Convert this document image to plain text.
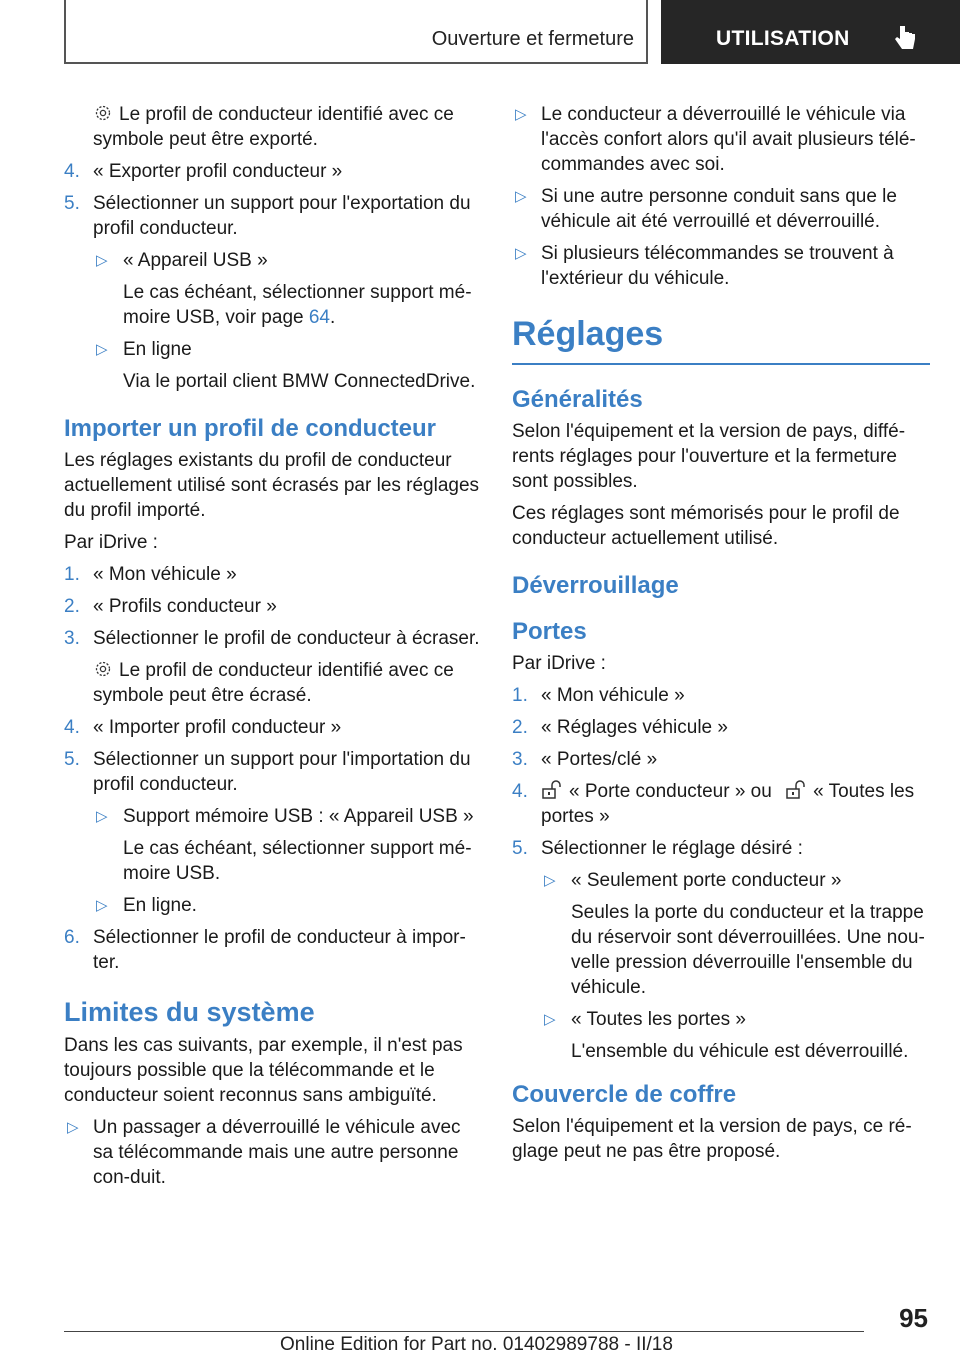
Ouverture et fermeture	UTILISATION

Le profil de conducteur identifié avec ce symbole peut être exporté.

4. « Exporter profil conducteur »
5. Sélectionner un support pour l'exportation du profil conducteur.
▷ « Appareil USB »
Le cas échéant, sélectionner support mé-moire USB, voir page 64.
▷ En ligne
Via le portail client BMW ConnectedDrive.
Importer un profil de conducteur

Les réglages existants du profil de conducteur actuellement utilisé sont écrasés par les réglages du profil importé.

Par iDrive :

1. « Mon véhicule »
2. « Profils conducteur »
3. Sélectionner le profil de conducteur à écraser.

Le profil de conducteur identifié avec ce symbole peut être écrasé.

4. « Importer profil conducteur »
5. Sélectionner un support pour l'importation du profil conducteur.
▷ Support mémoire USB : « Appareil USB »
Le cas échéant, sélectionner support mé-moire USB.
▷ En ligne.
6. Sélectionner le profil de conducteur à impor-ter.
Limites du système

Dans les cas suivants, par exemple, il n'est pas toujours possible que la télécommande et le conducteur soient reconnus sans ambiguïté.

▷ Un passager a déverrouillé le véhicule avec sa télécommande mais une autre personne con-duit.
▷ Le conducteur a déverrouillé le véhicule via l'accès confort alors qu'il avait plusieurs télé-commandes avec soi.
▷ Si une autre personne conduit sans que le véhicule ait été verrouillé et déverrouillé.
▷ Si plusieurs télécommandes se trouvent à l'extérieur du véhicule.
Réglages
Généralités

Selon l'équipement et la version de pays, diffé-rents réglages pour l'ouverture et la fermeture sont possibles.

Ces réglages sont mémorisés pour le profil de conducteur actuellement utilisé.

Déverrouillage
Portes

Par iDrive :

1. « Mon véhicule »
2. « Réglages véhicule »
3. « Portes/clé »
4. « Porte conducteur » ou « Toutes les portes »
5. Sélectionner le réglage désiré :
▷ « Seulement porte conducteur »
Seules la porte du conducteur et la trappe du réservoir sont déverrouillées. Une nou-velle pression déverrouille l'ensemble du véhicule.
▷ « Toutes les portes »
L'ensemble du véhicule est déverrouillé.
Couvercle de coffre

Selon l'équipement et la version de pays, ce ré-glage peut ne pas être proposé.

95
Online Edition for Part no. 01402989788 - II/18
